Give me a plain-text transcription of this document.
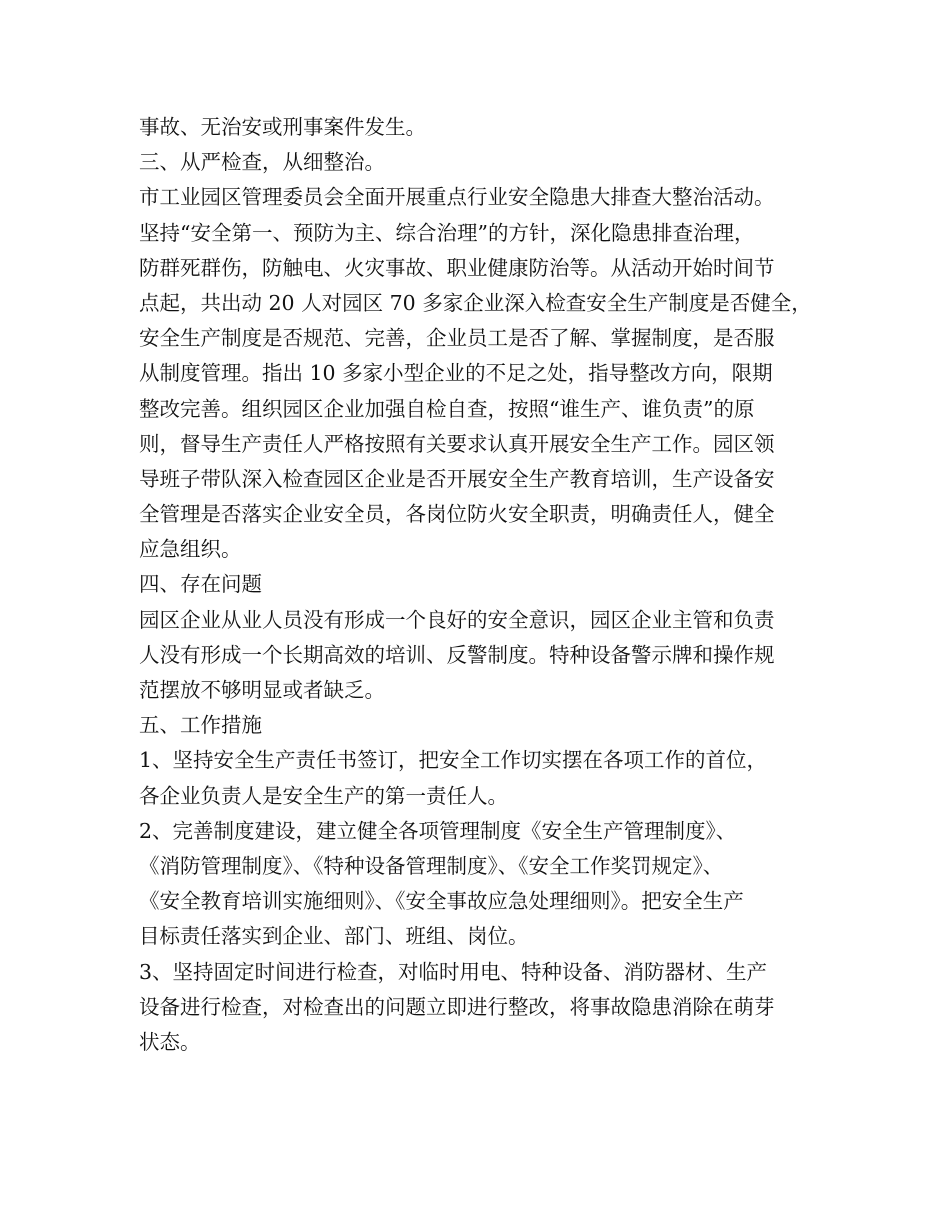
事故、无治安或刑事案件发生。
三、从严检查，从细整治。
市工业园区管理委员会全面开展重点行业安全隐患大排查大整治活动。
坚持“安全第一、预防为主、综合治理”的方针，深化隐患排查治理，
防群死群伤，防触电、火灾事故、职业健康防治等。从活动开始时间节
点起，共出动 20 人对园区 70 多家企业深入检查安全生产制度是否健全，
安全生产制度是否规范、完善，企业员工是否了解、掌握制度，是否服
从制度管理。指出 10 多家小型企业的不足之处，指导整改方向，限期
整改完善。组织园区企业加强自检自查，按照“谁生产、谁负责”的原
则，督导生产责任人严格按照有关要求认真开展安全生产工作。园区领
导班子带队深入检查园区企业是否开展安全生产教育培训，生产设备安
全管理是否落实企业安全员，各岗位防火安全职责，明确责任人，健全
应急组织。
四、存在问题
园区企业从业人员没有形成一个良好的安全意识，园区企业主管和负责
人没有形成一个长期高效的培训、反警制度。特种设备警示牌和操作规
范摆放不够明显或者缺乏。
五、工作措施
1、坚持安全生产责任书签订，把安全工作切实摆在各项工作的首位，
各企业负责人是安全生产的第一责任人。
2、完善制度建设，建立健全各项管理制度《安全生产管理制度》、
《消防管理制度》、《特种设备管理制度》、《安全工作奖罚规定》、
《安全教育培训实施细则》、《安全事故应急处理细则》。把安全生产
目标责任落实到企业、部门、班组、岗位。
3、坚持固定时间进行检查，对临时用电、特种设备、消防器材、生产
设备进行检查，对检查出的问题立即进行整改，将事故隐患消除在萌芽
状态。
